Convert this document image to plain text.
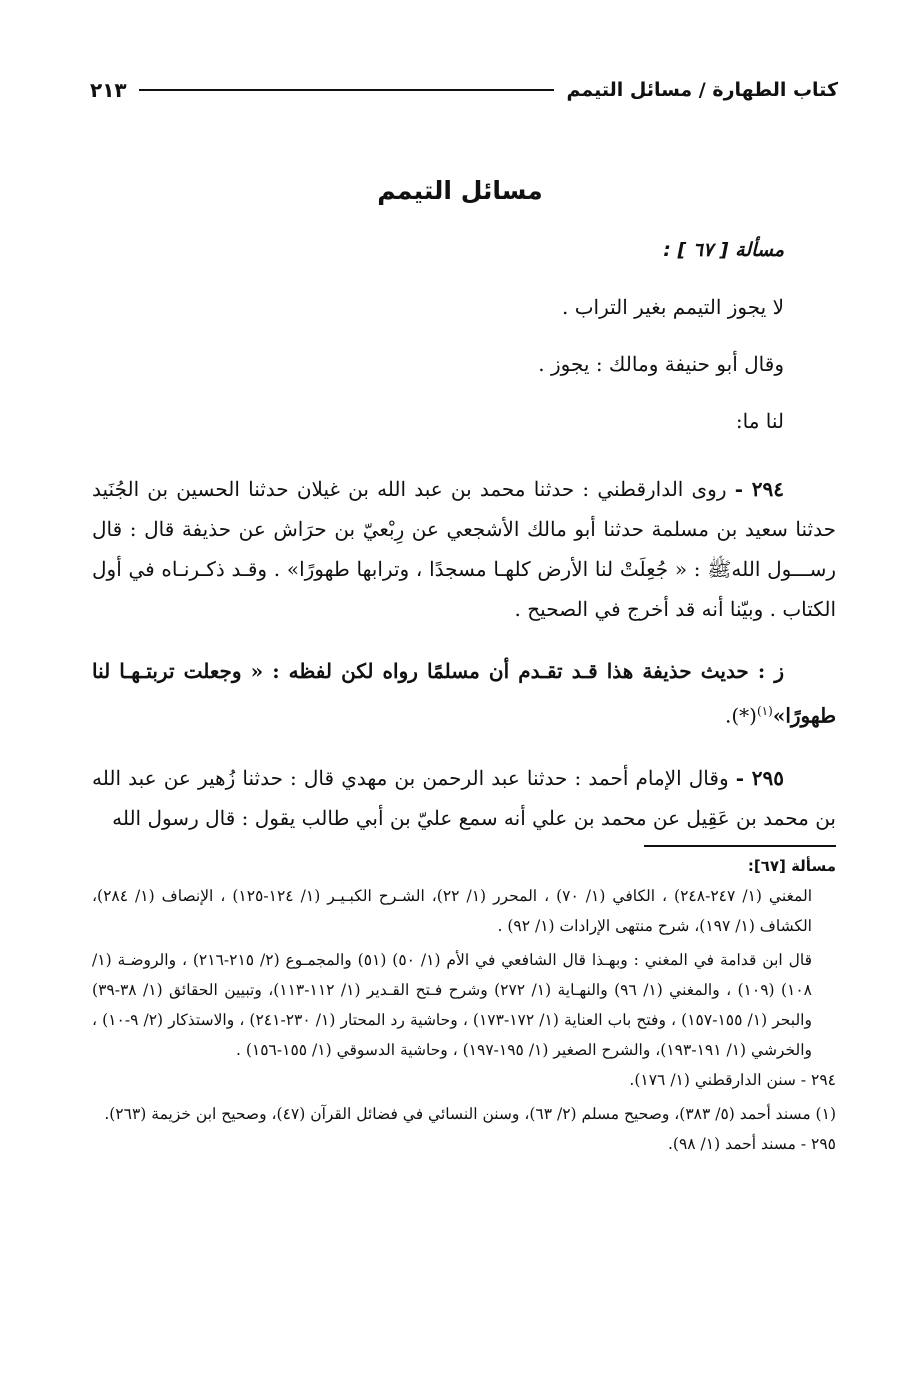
كتاب الطهارة / مسائل التيمم
٢١٣
مسائل التيمم

مسألة [ ٦٧ ] :

لا يجوز التيمم بغير التراب .

وقال أبو حنيفة ومالك : يجوز .

لنا ما:

٢٩٤ - روى الدارقطني : حدثنا محمد بن عبد الله بن غيلان حدثنا الحسين بن الجُنَيد حدثنا سعيد بن مسلمة حدثنا أبو مالك الأشجعي عن رِبْعيّ بن حرَاش عن حذيفة قال : قال رســـول اللهﷺ : « جُعِلَتْ لنا الأرض كلهـا مسجدًا ، وترابها طهورًا» . وقـد ذكـرنـاه في أول الكتاب . وبيّنا أنه قد أخرج في الصحيح .

ز : حديث حذيفة هذا قـد تقـدم أن مسلمًا رواه لكن لفظه : « وجعلت تربتـهـا لنا طهورًا»$^{(١)}$(*).

٢٩٥ - وقال الإمام أحمد : حدثنا عبد الرحمن بن مهدي قال : حدثنا زُهير عن عبد الله بن محمد بن عَقِيل عن محمد بن علي أنه سمع عليّ بن أبي طالب يقول : قال رسول الله

مسألة [٦٧]:

المغني (١/ ٢٤٧-٢٤٨) ، الكافي (١/ ٧٠) ، المحرر (١/ ٢٢)، الشـرح الكبـيـر (١/ ١٢٤-١٢٥) ، الإنصاف (١/ ٢٨٤)، الكشاف (١/ ١٩٧)، شرح منتهى الإرادات (١/ ٩٢) .

قال ابن قدامة في المغني : وبهـذا قال الشافعي في الأم (١/ ٥٠) (٥١) والمجمـوع (٢/ ٢١٥-٢١٦) ، والروضـة (١/ ١٠٨) (١٠٩) ، والمغني (١/ ٩٦) والنهـاية (١/ ٢٧٢) وشرح فـتح القـدير (١/ ١١٢-١١٣)، وتبيين الحقائق (١/ ٣٨-٣٩) والبحر (١/ ١٥٥-١٥٧) ، وفتح باب العناية (١/ ١٧٢-١٧٣) ، وحاشية رد المحتار (١/ ٢٣٠-٢٤١) ، والاستذكار (٢/ ٩-١٠) ، والخرشي (١/ ١٩١-١٩٣)، والشرح الصغير (١/ ١٩٥-١٩٧) ، وحاشية الدسوقي (١/ ١٥٥-١٥٦) .

٢٩٤ - سنن الدارقطني (١/ ١٧٦).

(١) مسند أحمد (٥/ ٣٨٣)، وصحيح مسلم (٢/ ٦٣)، وسنن النسائي في فضائل القرآن (٤٧)، وصحيح ابن خزيمة (٢٦٣).

٢٩٥ - مسند أحمد (١/ ٩٨).
